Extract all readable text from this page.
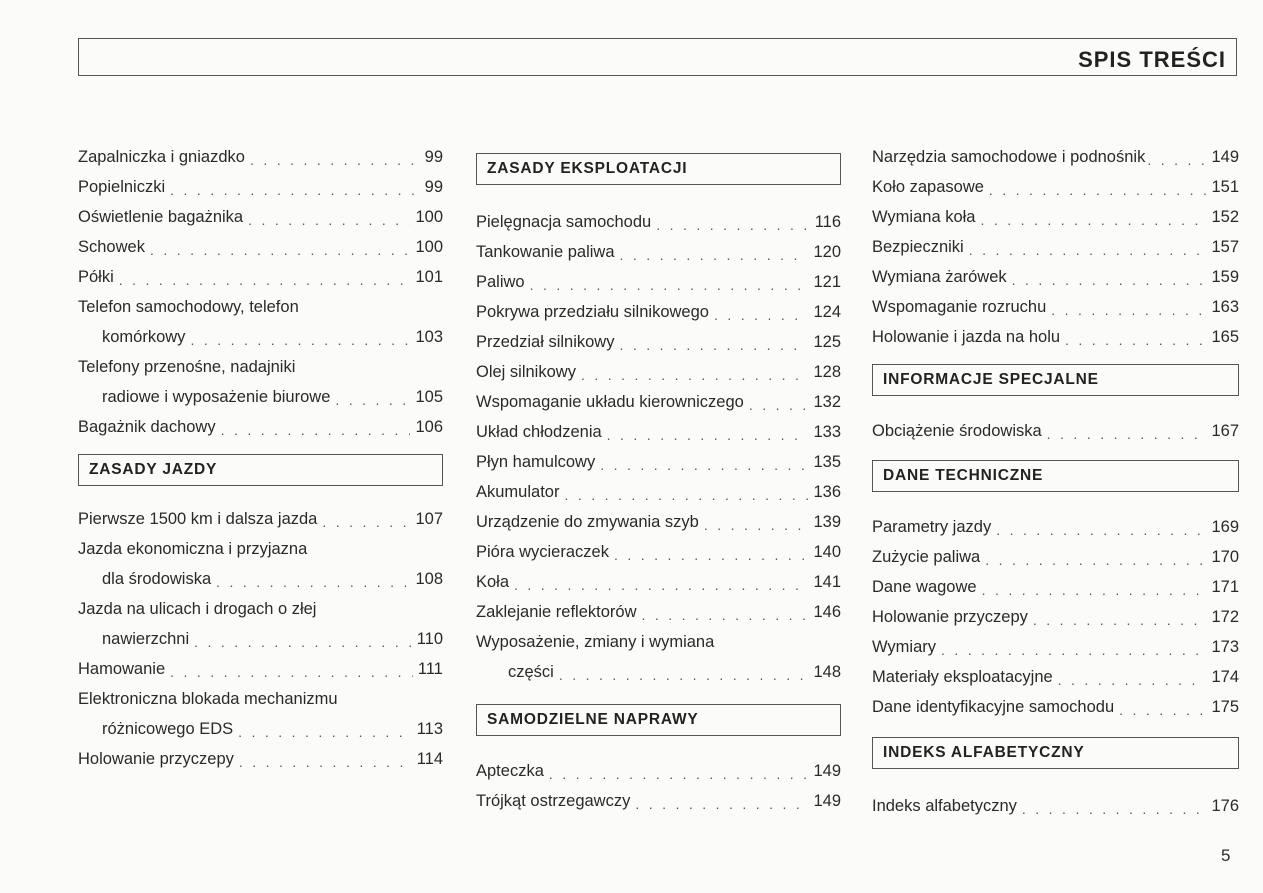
SPIS TREŚCI
Zapalniczka i gniazdko . . .	99
Popielniczki . . .	99
Oświetlenie bagażnika . . .	100
Schowek . . .	100
Półki . . .	101
Telefon samochodowy, telefon
komórkowy . . .	103
Telefony przenośne, nadajniki
radiowe i wyposażenie biurowe . . .	105
Bagażnik dachowy . . .	106
ZASADY JAZDY
Pierwsze 1500 km i dalsza jazda . . .	107
Jazda ekonomiczna i przyjazna
dla środowiska . . .	108
Jazda na ulicach i drogach o złej
nawierzchni . . .	110
Hamowanie . . .	111
Elektroniczna blokada mechanizmu
różnicowego EDS . . .	113
Holowanie przyczepy . . .	114
ZASADY EKSPLOATACJI
Pielęgnacja samochodu . . .	116
Tankowanie paliwa . . .	120
Paliwo . . .	121
Pokrywa przedziału silnikowego . . .	124
Przedział silnikowy . . .	125
Olej silnikowy . . .	128
Wspomaganie układu kierowniczego . . .	132
Układ chłodzenia . . .	133
Płyn hamulcowy . . .	135
Akumulator . . .	136
Urządzenie do zmywania szyb . . .	139
Pióra wycieraczek . . .	140
Koła . . .	141
Zaklejanie reflektorów . . .	146
Wyposażenie, zmiany i wymiana
części . . .	148
SAMODZIELNE NAPRAWY
Apteczka . . .	149
Trójkąt ostrzegawczy . . .	149
Narzędzia samochodowe i podnośnik . . .	149
Koło zapasowe . . .	151
Wymiana koła . . .	152
Bezpieczniki . . .	157
Wymiana żarówek . . .	159
Wspomaganie rozruchu . . .	163
Holowanie i jazda na holu . . .	165
INFORMACJE SPECJALNE
Obciążenie środowiska . . .	167
DANE TECHNICZNE
Parametry jazdy . . .	169
Zużycie paliwa . . .	170
Dane wagowe . . .	171
Holowanie przyczepy . . .	172
Wymiary . . .	173
Materiały eksploatacyjne . . .	174
Dane identyfikacyjne samochodu . . .	175
INDEKS ALFABETYCZNY
Indeks alfabetyczny . . .	176
5
